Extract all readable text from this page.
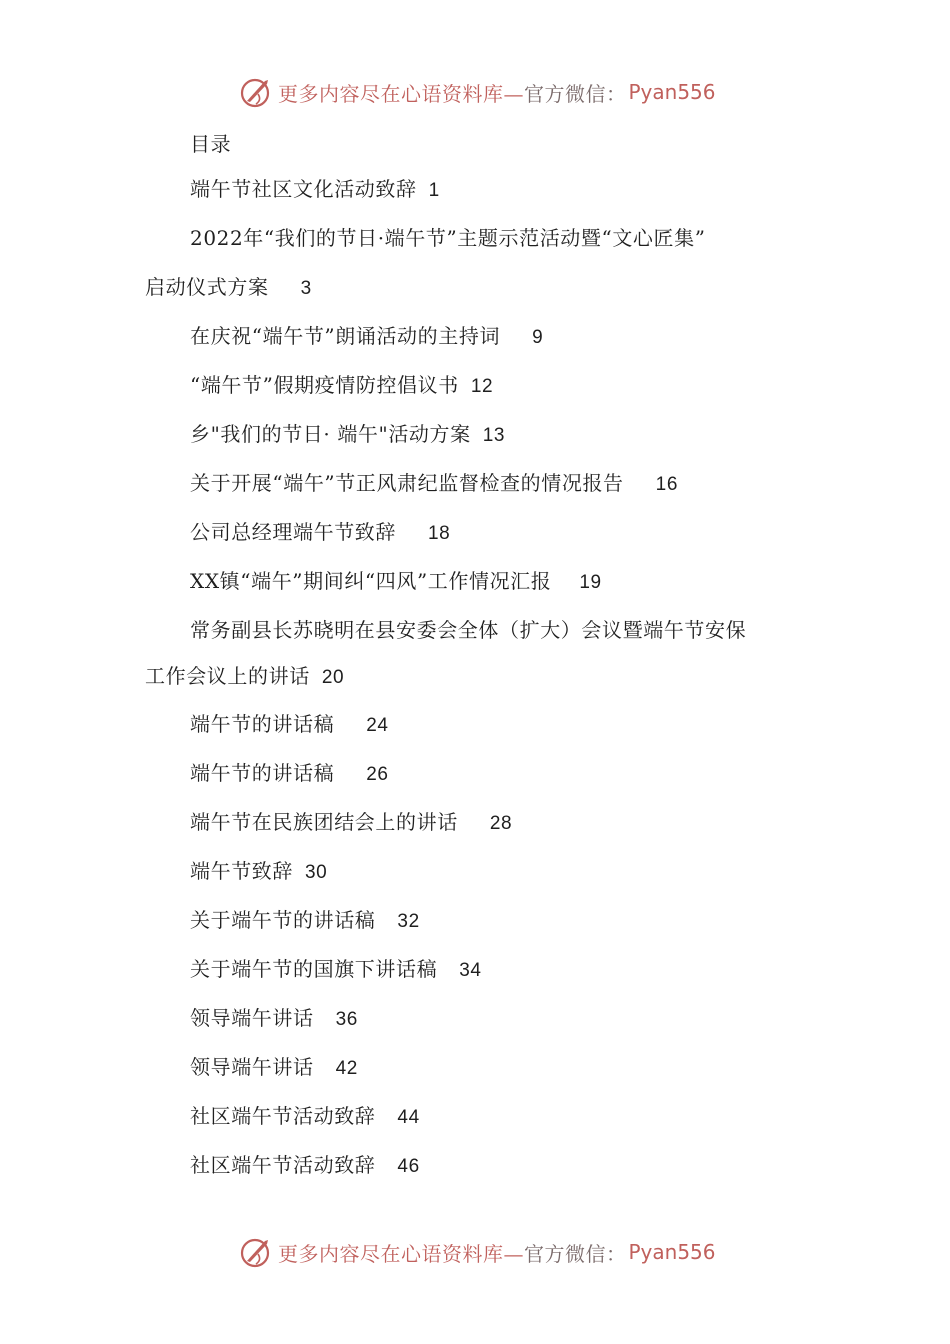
更多内容尽在心语资料库— 官方微信： Pyan556
目录
端午节社区文化活动致辞 1
2022年“我们的节日·端午节”主题示范活动暨“文心匠集”
启动仪式方案 3
在庆祝“端午节”朗诵活动的主持词 9
“端午节”假期疫情防控倡议书 12
乡"我们的节日· 端午"活动方案 13
关于开展“端午”节正风肃纪监督检查的情况报告 16
公司总经理端午节致辞 18
XX镇“端午”期间纠“四风”工作情况汇报 19
常务副县长苏晓明在县安委会全体（扩大）会议暨端午节安保
工作会议上的讲话 20
端午节的讲话稿 24
端午节的讲话稿 26
端午节在民族团结会上的讲话 28
端午节致辞 30
关于端午节的讲话稿 32
关于端午节的国旗下讲话稿 34
领导端午讲话 36
领导端午讲话 42
社区端午节活动致辞 44
社区端午节活动致辞 46
更多内容尽在心语资料库— 官方微信： Pyan556
